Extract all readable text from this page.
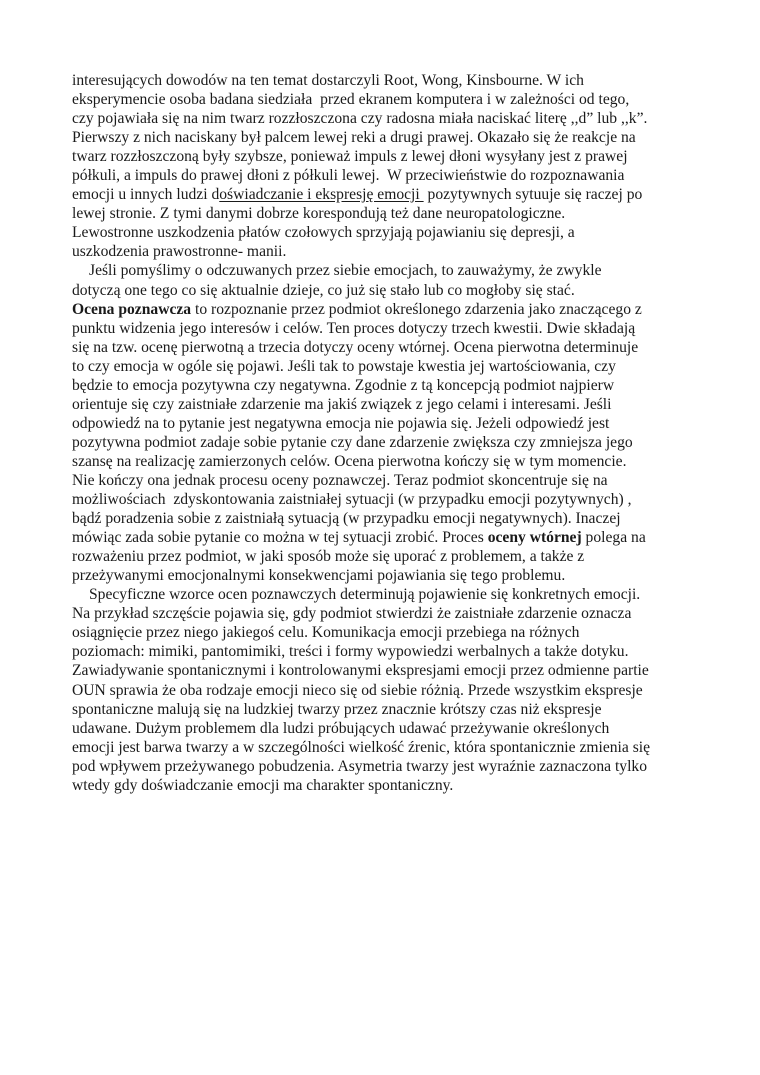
interesujących dowodów na ten temat dostarczyli Root, Wong, Kinsbourne. W ich
eksperymencie osoba badana siedziała  przed ekranem komputera i w zależności od tego,
czy pojawiała się na nim twarz rozzłoszczona czy radosna miała naciskać literę ,,d” lub ,,k”.
Pierwszy z nich naciskany był palcem lewej reki a drugi prawej. Okazało się że reakcje na
twarz rozzłoszczoną były szybsze, ponieważ impuls z lewej dłoni wysyłany jest z prawej
półkuli, a impuls do prawej dłoni z półkuli lewej.  W przeciwieństwie do rozpoznawania
emocji u innych ludzi doświadczanie i ekspresję emocji  pozytywnych sytuuje się raczej po
lewej stronie. Z tymi danymi dobrze korespondują też dane neuropatologiczne.
Lewostronne uszkodzenia płatów czołowych sprzyjają pojawianiu się depresji, a
uszkodzenia prawostronne- manii.
Jeśli pomyślimy o odczuwanych przez siebie emocjach, to zauważymy, że zwykle
dotyczą one tego co się aktualnie dzieje, co już się stało lub co mogłoby się stać.
Ocena poznawcza to rozpoznanie przez podmiot określonego zdarzenia jako znaczącego z
punktu widzenia jego interesów i celów. Ten proces dotyczy trzech kwestii. Dwie składają
się na tzw. ocenę pierwotną a trzecia dotyczy oceny wtórnej. Ocena pierwotna determinuje
to czy emocja w ogóle się pojawi. Jeśli tak to powstaje kwestia jej wartościowania, czy
będzie to emocja pozytywna czy negatywna. Zgodnie z tą koncepcją podmiot najpierw
orientuje się czy zaistniałe zdarzenie ma jakiś związek z jego celami i interesami. Jeśli
odpowiedź na to pytanie jest negatywna emocja nie pojawia się. Jeżeli odpowiedź jest
pozytywna podmiot zadaje sobie pytanie czy dane zdarzenie zwiększa czy zmniejsza jego
szansę na realizację zamierzonych celów. Ocena pierwotna kończy się w tym momencie.
Nie kończy ona jednak procesu oceny poznawczej. Teraz podmiot skoncentruje się na
możliwościach  zdyskontowania zaistniałej sytuacji (w przypadku emocji pozytywnych) ,
bądź poradzenia sobie z zaistniałą sytuacją (w przypadku emocji negatywnych). Inaczej
mówiąc zada sobie pytanie co można w tej sytuacji zrobić. Proces oceny wtórnej polega na
rozważeniu przez podmiot, w jaki sposób może się uporać z problemem, a także z
przeżywanymi emocjonalnymi konsekwencjami pojawiania się tego problemu.
Specyficzne wzorce ocen poznawczych determinują pojawienie się konkretnych emocji.
Na przykład szczęście pojawia się, gdy podmiot stwierdzi że zaistniałe zdarzenie oznacza
osiągnięcie przez niego jakiegoś celu. Komunikacja emocji przebiega na różnych
poziomach: mimiki, pantomimiki, treści i formy wypowiedzi werbalnych a także dotyku.
Zawiadywanie spontanicznymi i kontrolowanymi ekspresjami emocji przez odmienne partie
OUN sprawia że oba rodzaje emocji nieco się od siebie różnią. Przede wszystkim ekspresje
spontaniczne malują się na ludzkiej twarzy przez znacznie krótszy czas niż ekspresje
udawane. Dużym problemem dla ludzi próbujących udawać przeżywanie określonych
emocji jest barwa twarzy a w szczególności wielkość źrenic, która spontanicznie zmienia się
pod wpływem przeżywanego pobudzenia. Asymetria twarzy jest wyraźnie zaznaczona tylko
wtedy gdy doświadczanie emocji ma charakter spontaniczny.
